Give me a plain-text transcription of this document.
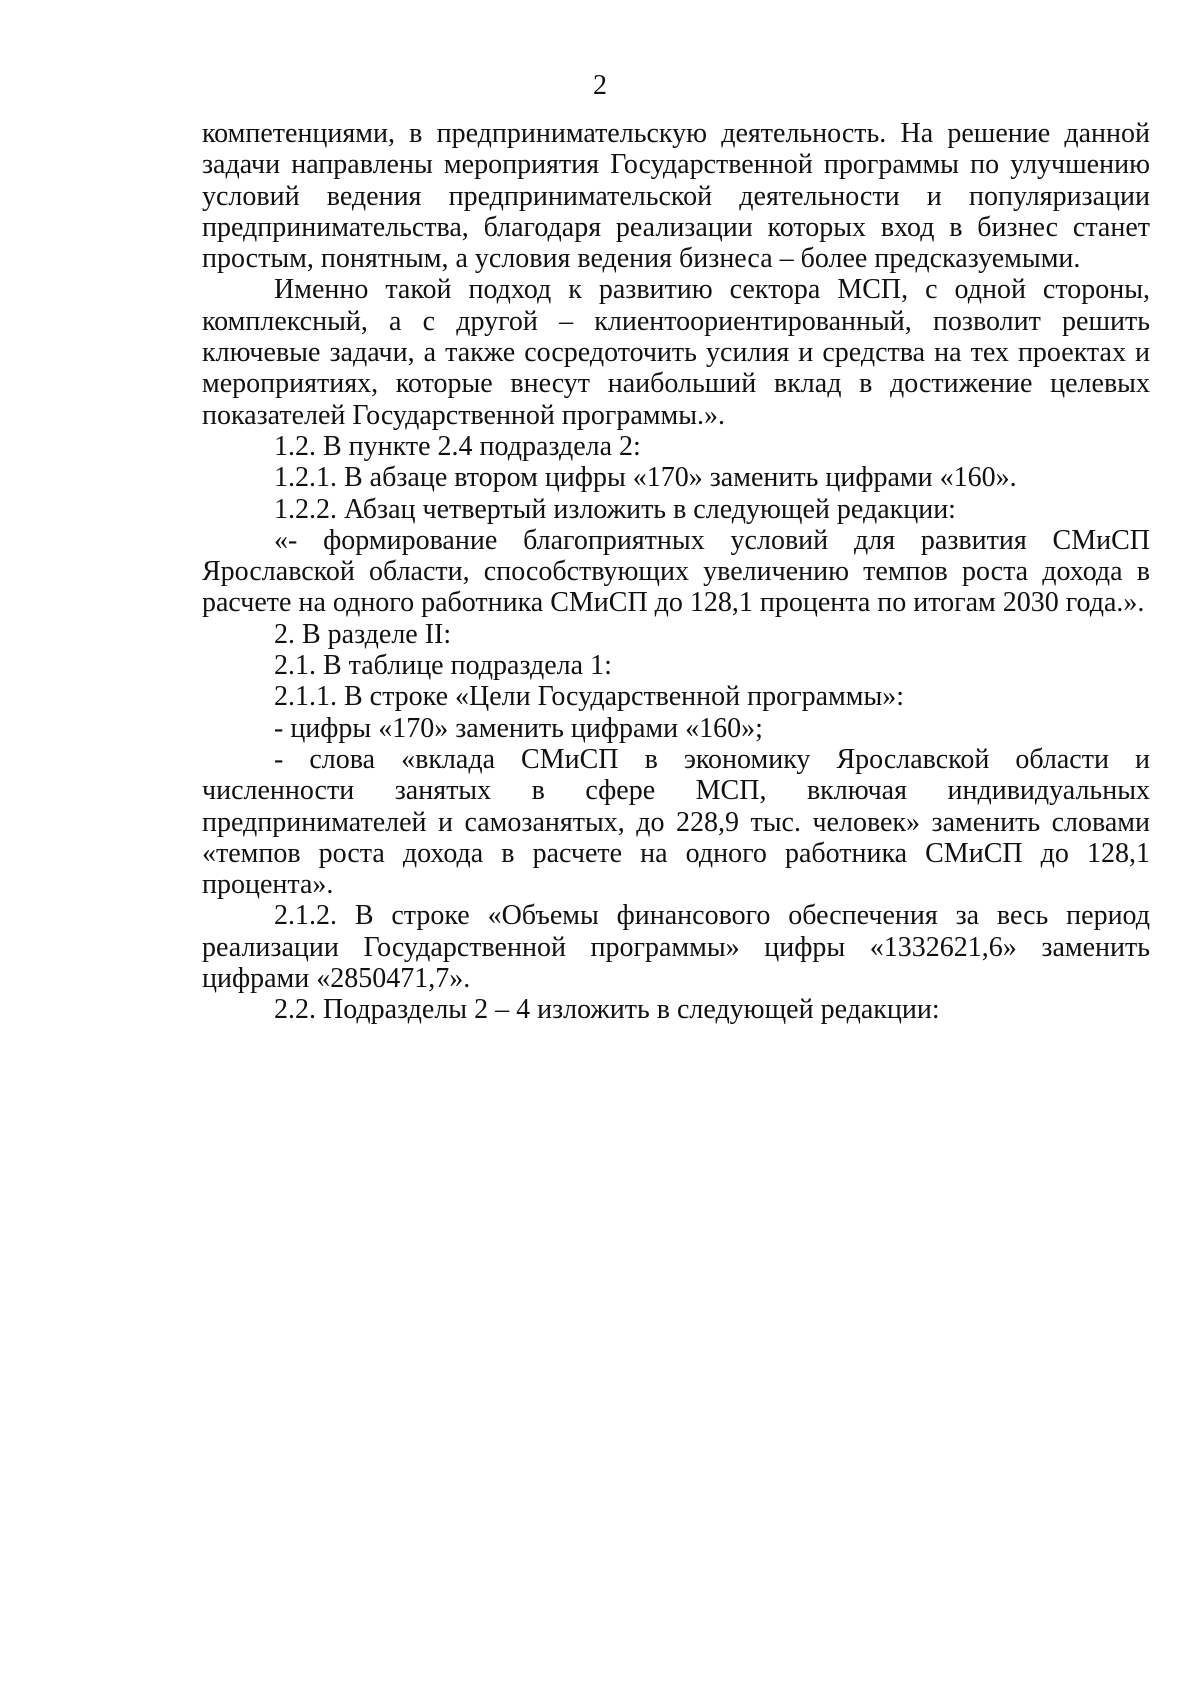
2

компетенциями, в предпринимательскую деятельность. На решение данной задачи направлены мероприятия Государственной программы по улучшению условий ведения предпринимательской деятельности и популяризации предпринимательства, благодаря реализации которых вход в бизнес станет простым, понятным, а условия ведения бизнеса – более предсказуемыми.

Именно такой подход к развитию сектора МСП, с одной стороны, комплексный, а с другой – клиентоориентированный, позволит решить ключевые задачи, а также сосредоточить усилия и средства на тех проектах и мероприятиях, которые внесут наибольший вклад в достижение целевых показателей Государственной программы.».

1.2. В пункте 2.4 подраздела 2:

1.2.1. В абзаце втором цифры «170» заменить цифрами «160».

1.2.2. Абзац четвертый изложить в следующей редакции:

«- формирование благоприятных условий для развития СМиСП Ярославской области, способствующих увеличению темпов роста дохода в расчете на одного работника СМиСП до 128,1 процента по итогам 2030 года.».

2. В разделе II:

2.1. В таблице подраздела 1:

2.1.1. В строке «Цели Государственной программы»:

- цифры «170» заменить цифрами «160»;

- слова «вклада СМиСП в экономику Ярославской области и численности занятых в сфере МСП, включая индивидуальных предпринимателей и самозанятых, до 228,9 тыс. человек» заменить словами «темпов роста дохода в расчете на одного работника СМиСП до 128,1 процента».

2.1.2. В строке «Объемы финансового обеспечения за весь период реализации Государственной программы» цифры «1332621,6» заменить цифрами «2850471,7».

2.2. Подразделы 2 – 4 изложить в следующей редакции:
